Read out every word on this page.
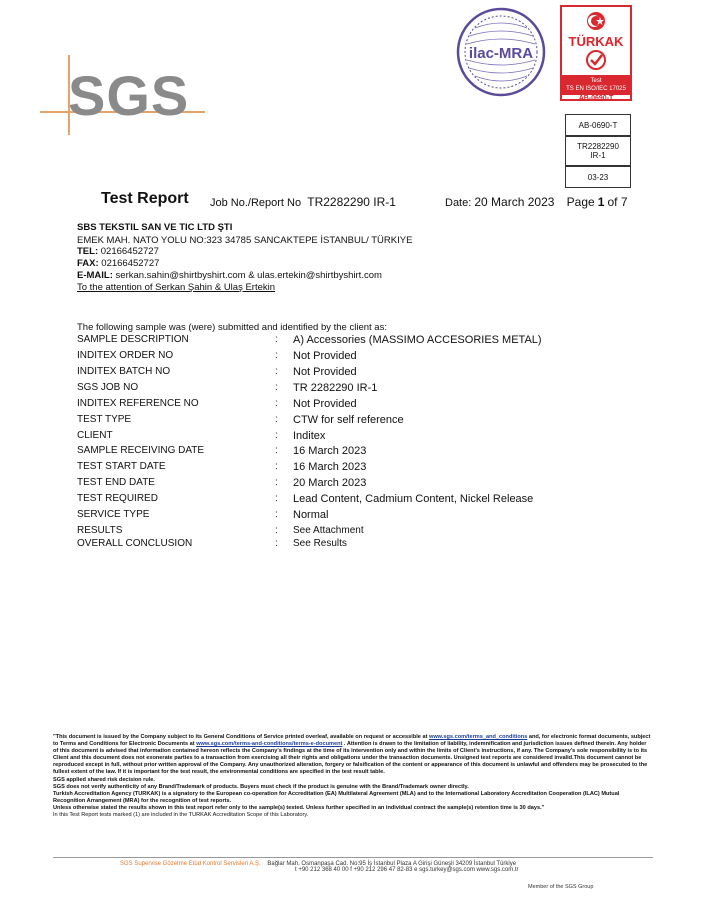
SGS
ilac-MRA
TÜRKAK
Test
TS EN ISO/IEC 17025
AB-0690-T
AB-0690-T
TR2282290 IR-1
03-23
Test Report Job No./Report No TR2282290 IR-1	Date: 20 March 2023 Page 1 of 7
SBS TEKSTIL SAN VE TIC LTD ŞTI
EMEK MAH. NATO YOLU NO:323 34785 SANCAKTEPE İSTANBUL/ TÜRKIYE
TEL: 02166452727
FAX: 02166452727
E-MAIL: serkan.sahin@shirtbyshirt.com & ulas.ertekin@shirtbyshirt.com
To the attention of Serkan Şahin & Ulaş Ertekin
The following sample was (were) submitted and identified by the client as:
SAMPLE DESCRIPTION	: A) Accessories (MASSIMO ACCESORIES METAL)
INDITEX ORDER NO	: Not Provided
INDITEX BATCH NO	: Not Provided
SGS JOB NO	: TR 2282290 IR-1
INDITEX REFERENCE NO	: Not Provided
TEST TYPE	: CTW for self reference
CLIENT	: Inditex
SAMPLE RECEIVING DATE	: 16 March 2023
TEST START DATE	: 16 March 2023
TEST END DATE	: 20 March 2023
TEST REQUIRED	: Lead Content, Cadmium Content, Nickel Release
SERVICE TYPE	: Normal
RESULTS	: See Attachment
OVERALL CONCLUSION	: See Results
"This document is issued by the Company subject to its General Conditions of Service printed overleaf, available on request or accessible at www.sgs.com/terms_and_conditions and, for electronic format documents, subject to Terms and Conditions for Electronic Documents at www.sgs.com/terms-and-conditions/terms-e-document . Attention is drawn to the limitation of liability, indemnification and jurisdiction issues defined therein. Any holder of this document is advised that information contained hereon reflects the Company's findings at the time of its intervention only and within the limits of Client's instructions, if any. The Company's sole responsibility is to its Client and this document does not exonerate parties to a transaction from exercising all their rights and obligations under the transaction documents. Unsigned test reports are considered invalid.This document cannot be reproduced except in full, without prior written approval of the Company. Any unauthorized alteration, forgery or falsification of the content or appearance of this document is unlawful and offenders may be prosecuted to the fullest extent of the law. If it is important for the test result, the environmental conditions are specified in the test result table.
SGS applied shared risk decision rule.
SGS does not verify authenticity of any Brand/Trademark of products. Buyers must check if the product is genuine with the Brand/Trademark owner directly.
Turkish Accreditation Agency (TURKAK) is a signatory to the European co-operation for Accreditation (EA) Multilateral Agreement (MLA) and to the International Laboratory Accreditation Cooperation (ILAC) Mutual Recognition Arrangement (MRA) for the recognition of test reports.
Unless otherwise stated the results shown in this test report refer only to the sample(s) tested. Unless further specified in an individual contract the sample(s) retention time is 30 days."
In this Test Report tests marked (1) are included in the TURKAK Accreditation Scope of this Laboratory.
SGS Supervise Gözetme Etüd Kontrol Servisleri A.Ş. Bağlar Mah. Osmanpaşa Cad. No:95 İş İstanbul Plaza A Girişi Güneşli 34209 İstanbul Türkiye
t +90 212 368 40 00 f +90 212 296 47 82-83 e sgs.turkey@sgs.com www.sgs.com.tr
Member of the SGS Group
